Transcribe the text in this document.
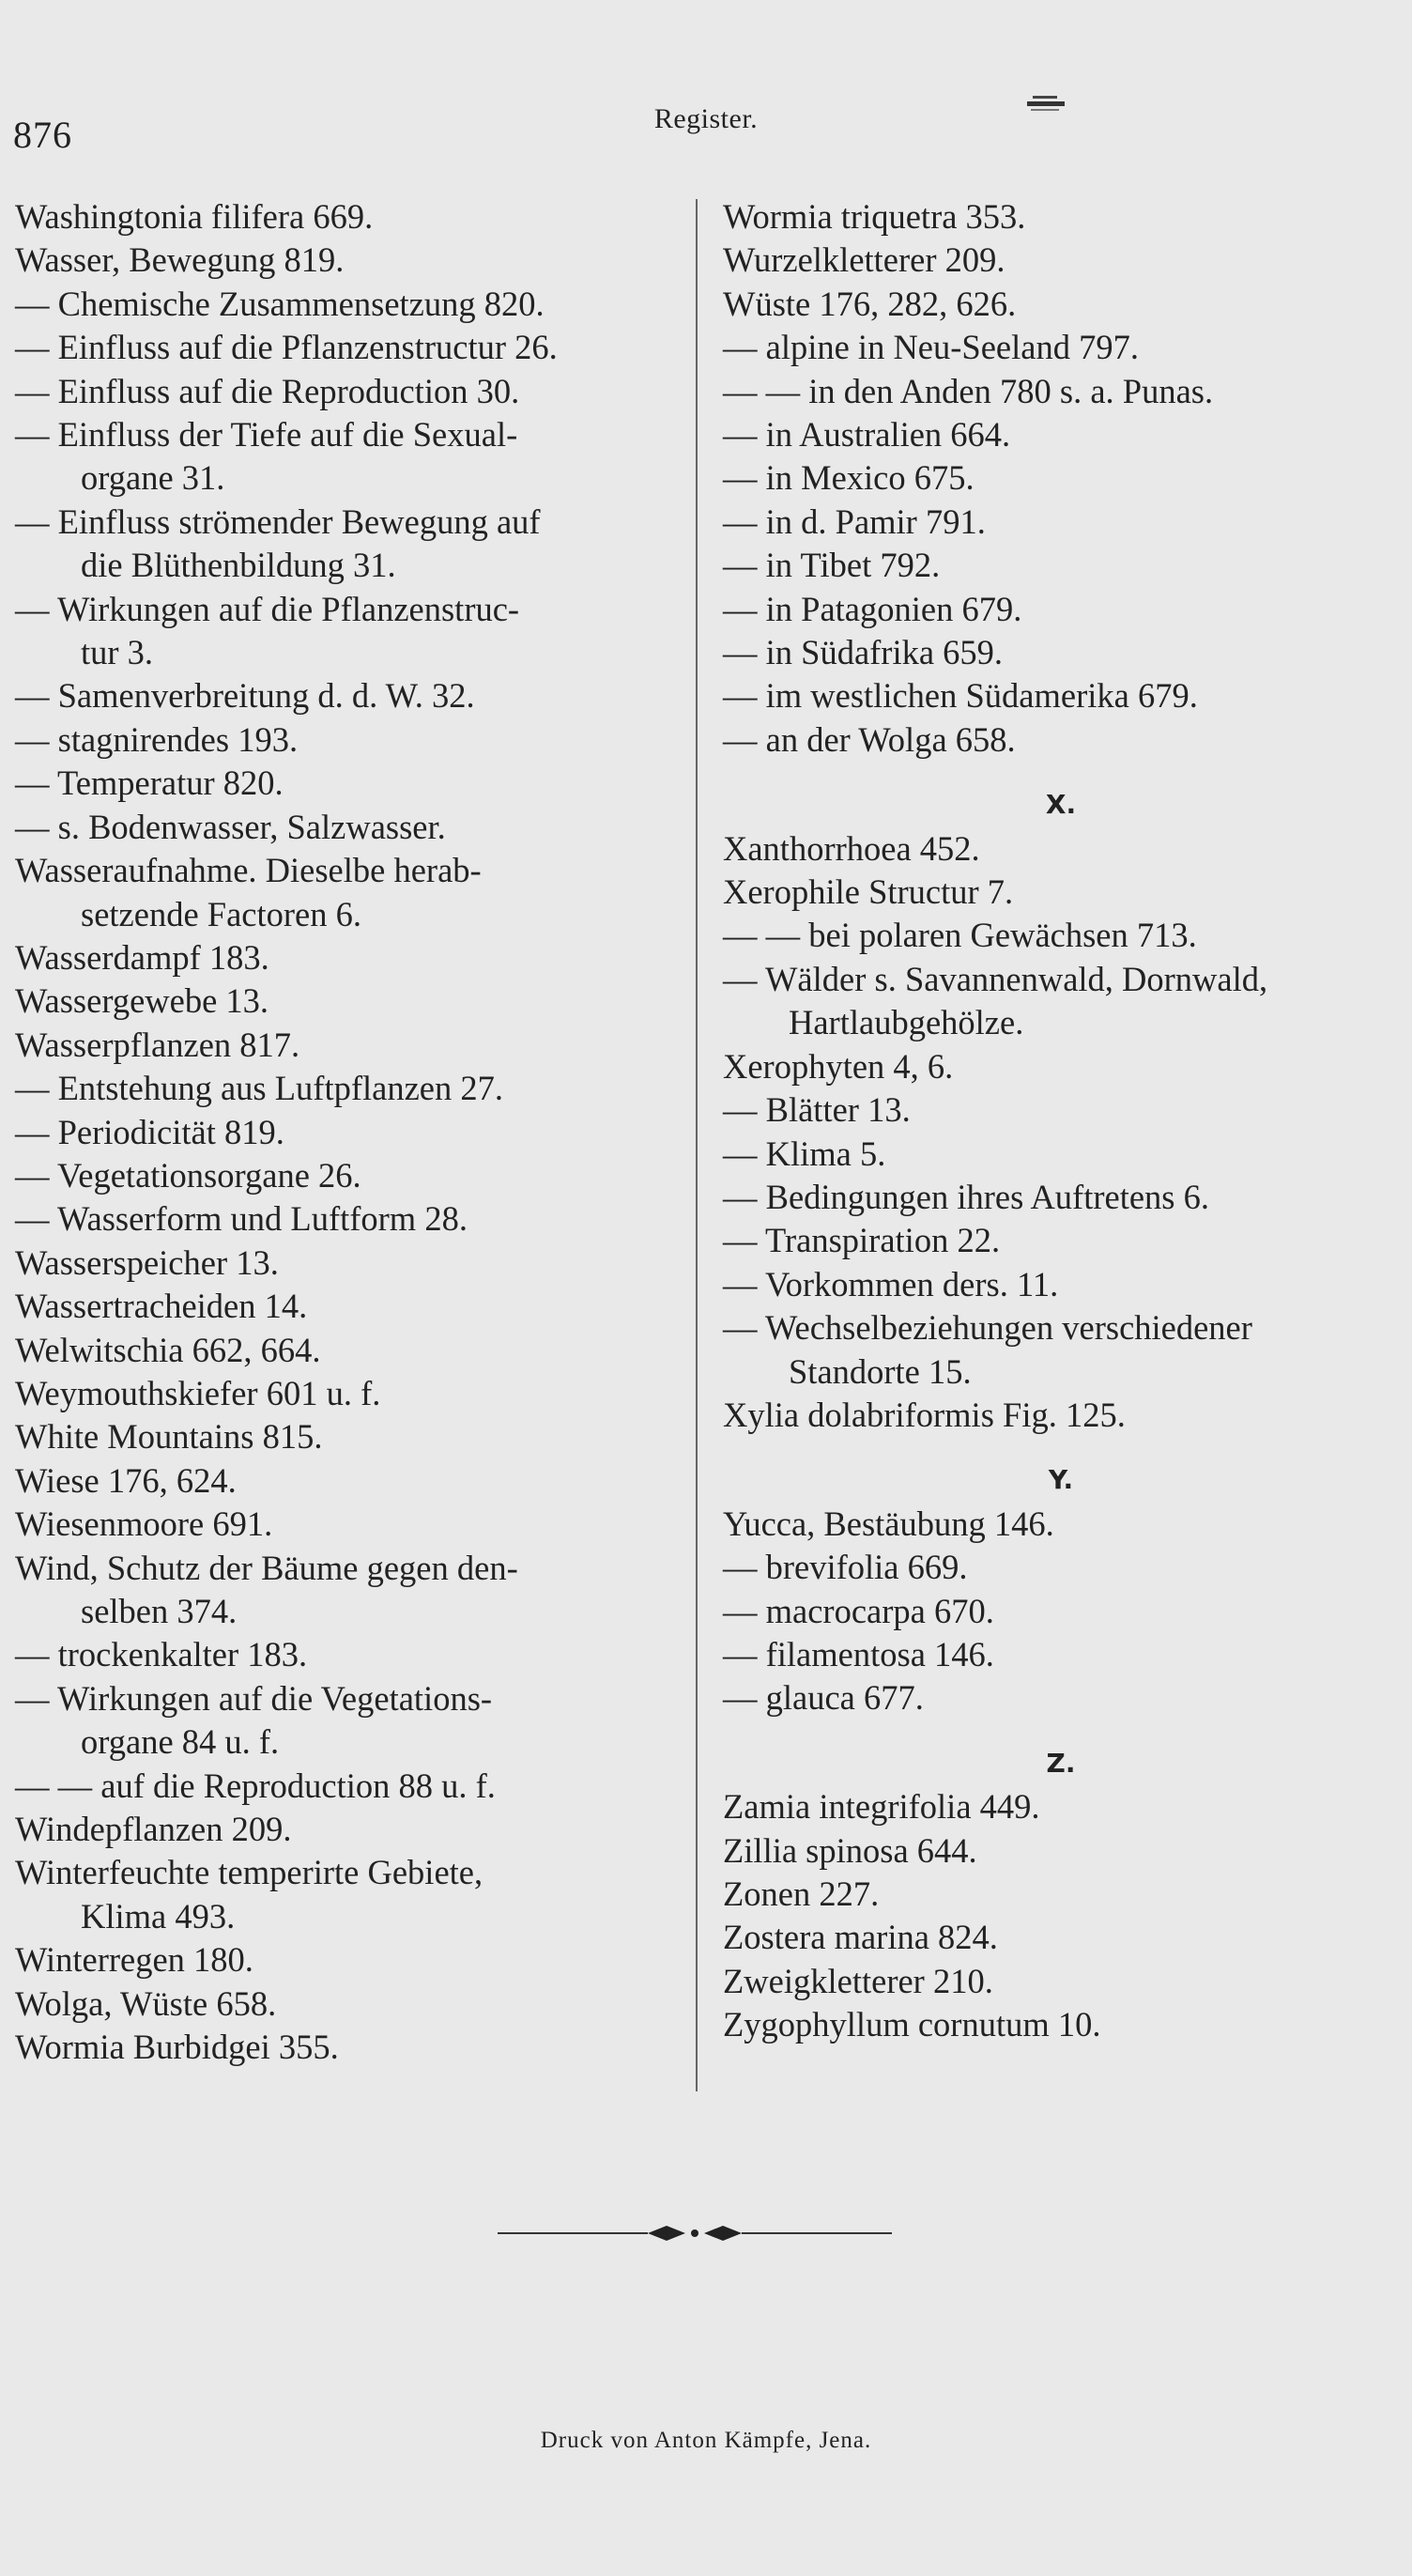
876	Register.
Washingtonia filifera 669.
Wasser, Bewegung 819.
— Chemische Zusammensetzung 820.
— Einfluss auf die Pflanzenstructur 26.
— Einfluss auf die Reproduction 30.
— Einfluss der Tiefe auf die Sexual-
organe 31.
— Einfluss strömender Bewegung auf
die Blüthenbildung 31.
— Wirkungen auf die Pflanzenstruc-
tur 3.
— Samenverbreitung d. d. W. 32.
— stagnirendes 193.
— Temperatur 820.
— s. Bodenwasser, Salzwasser.
Wasseraufnahme. Dieselbe herab-
setzende Factoren 6.
Wasserdampf 183.
Wassergewebe 13.
Wasserpflanzen 817.
— Entstehung aus Luftpflanzen 27.
— Periodicität 819.
— Vegetationsorgane 26.
— Wasserform und Luftform 28.
Wasserspeicher 13.
Wassertracheiden 14.
Welwitschia 662, 664.
Weymouthskiefer 601 u. f.
White Mountains 815.
Wiese 176, 624.
Wiesenmoore 691.
Wind, Schutz der Bäume gegen den-
selben 374.
— trockenkalter 183.
— Wirkungen auf die Vegetations-
organe 84 u. f.
— — auf die Reproduction 88 u. f.
Windepflanzen 209.
Winterfeuchte temperirte Gebiete,
Klima 493.
Winterregen 180.
Wolga, Wüste 658.
Wormia Burbidgei 355.
Wormia triquetra 353.
Wurzelkletterer 209.
Wüste 176, 282, 626.
— alpine in Neu-Seeland 797.
— — in den Anden 780 s. a. Punas.
— in Australien 664.
— in Mexico 675.
— in d. Pamir 791.
— in Tibet 792.
— in Patagonien 679.
— in Südafrika 659.
— im westlichen Südamerika 679.
— an der Wolga 658.
X.
Xanthorrhoea 452.
Xerophile Structur 7.
— — bei polaren Gewächsen 713.
— Wälder s. Savannenwald, Dornwald,
Hartlaubgehölze.
Xerophyten 4, 6.
— Blätter 13.
— Klima 5.
— Bedingungen ihres Auftretens 6.
— Transpiration 22.
— Vorkommen ders. 11.
— Wechselbeziehungen verschiedener
Standorte 15.
Xylia dolabriformis Fig. 125.
Y.
Yucca, Bestäubung 146.
— brevifolia 669.
— macrocarpa 670.
— filamentosa 146.
— glauca 677.
Z.
Zamia integrifolia 449.
Zillia spinosa 644.
Zonen 227.
Zostera marina 824.
Zweigkletterer 210.
Zygophyllum cornutum 10.
Druck von Anton Kämpfe, Jena.
